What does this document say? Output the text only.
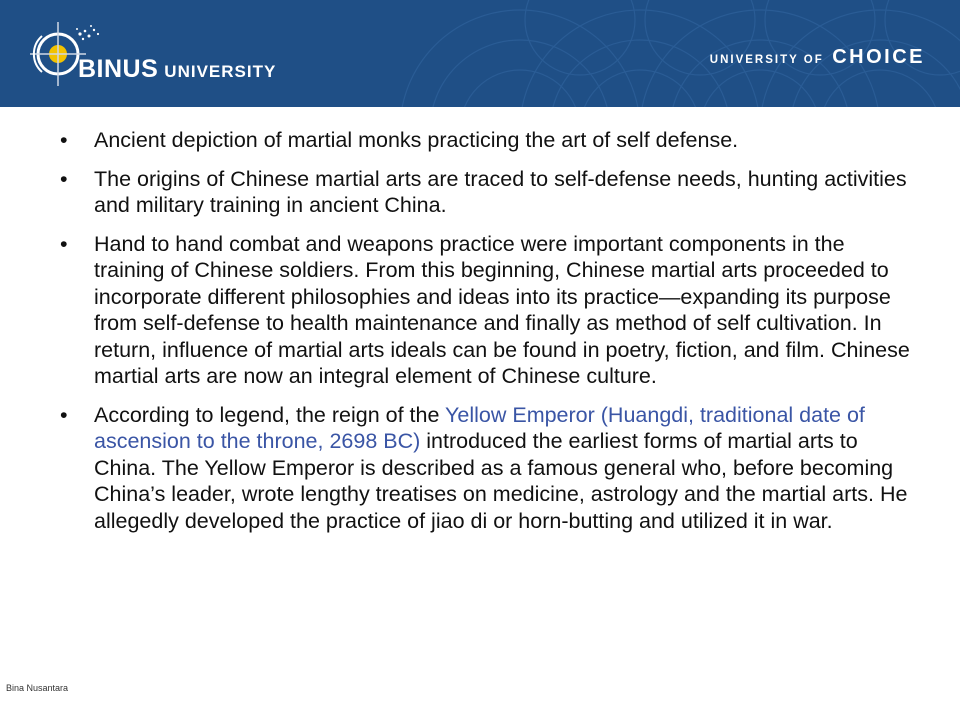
BINUS UNIVERSITY
UNIVERSITY OF CHOICE
• Ancient depiction of martial monks practicing the art of self defense.
• The origins of Chinese martial arts are traced to self-defense needs, hunting activities and military training in ancient China.
• Hand to hand combat and weapons practice were important components in the training of Chinese soldiers. From this beginning, Chinese martial arts proceeded to incorporate different philosophies and ideas into its practice—expanding its purpose from self-defense to health maintenance and finally as method of self cultivation. In return, influence of martial arts ideals can be found in poetry, fiction, and film. Chinese martial arts are now an integral element of Chinese culture.
• According to legend, the reign of the Yellow Emperor (Huangdi, traditional date of ascension to the throne, 2698 BC) introduced the earliest forms of martial arts to China. The Yellow Emperor is described as a famous general who, before becoming China’s leader, wrote lengthy treatises on medicine, astrology and the martial arts. He allegedly developed the practice of jiao di or horn-butting and utilized it in war.
Bina Nusantara
